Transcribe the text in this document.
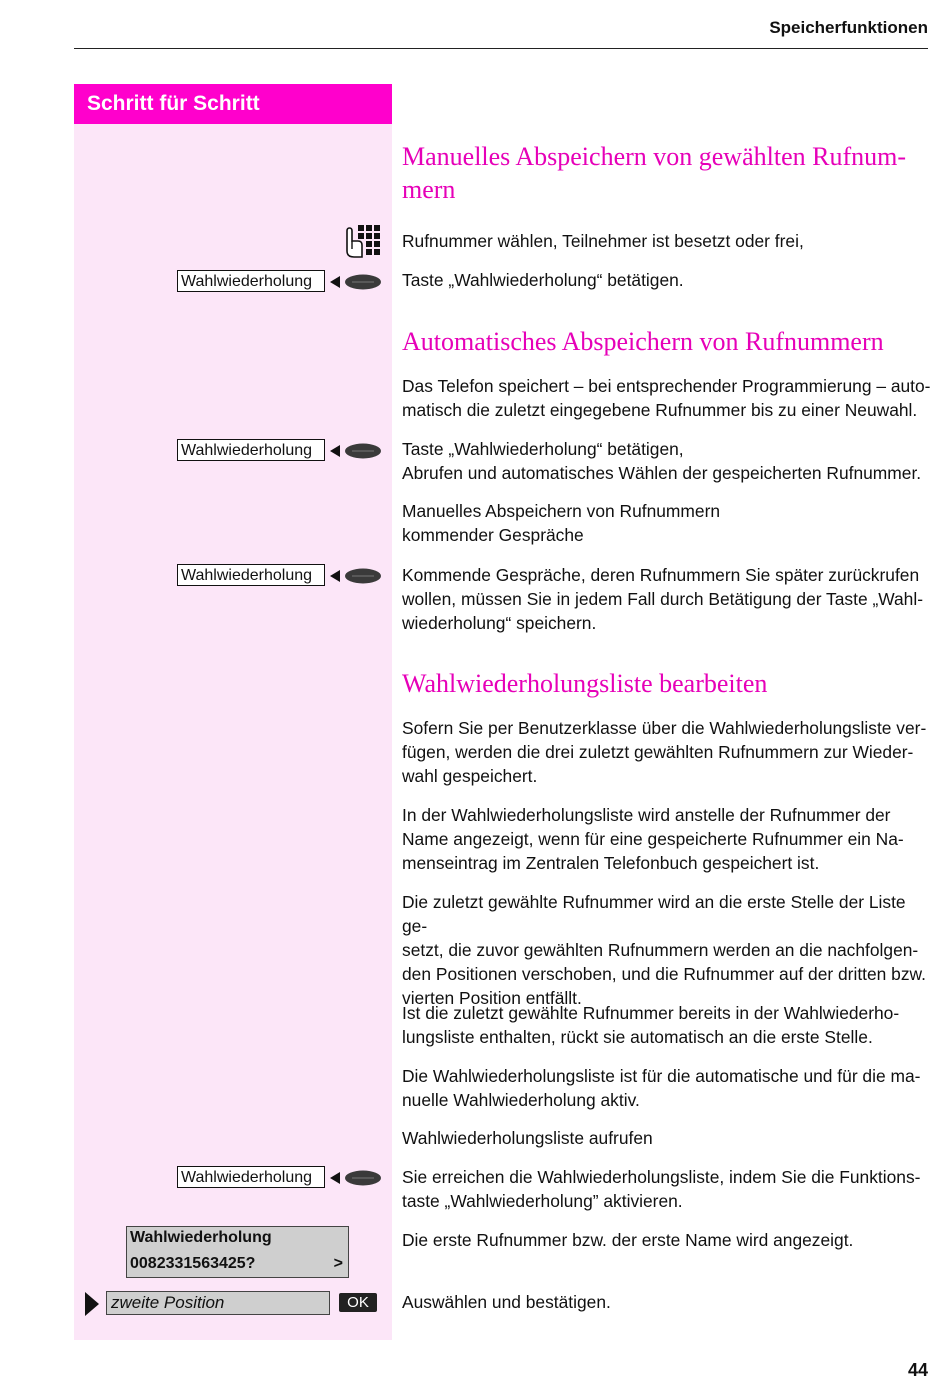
Speicherfunktionen
Schritt für Schritt
Wahlwiederholung
Wahlwiederholung
Wahlwiederholung
Wahlwiederholung
Wahlwiederholung
0082331563425?	>
zweite Position	OK
Manuelles Abspeichern von gewählten Rufnum-
mern
Rufnummer wählen, Teilnehmer ist besetzt oder frei,
Taste „Wahlwiederholung“ betätigen.
Automatisches Abspeichern von Rufnummern
Das Telefon speichert – bei entsprechender Programmierung – auto-
matisch die zuletzt eingegebene Rufnummer bis zu einer Neuwahl.
Taste „Wahlwiederholung“ betätigen,
Abrufen und automatisches Wählen der gespeicherten Rufnummer.
Manuelles Abspeichern von Rufnummern
kommender Gespräche
Kommende Gespräche, deren Rufnummern Sie später zurückrufen
wollen, müssen Sie in jedem Fall durch Betätigung der Taste „Wahl-
wiederholung“ speichern.
Wahlwiederholungsliste bearbeiten
Sofern Sie per Benutzerklasse über die Wahlwiederholungsliste ver-
fügen, werden die drei zuletzt gewählten Rufnummern zur Wieder-
wahl gespeichert.
In der Wahlwiederholungsliste wird anstelle der Rufnummer der
Name angezeigt, wenn für eine gespeicherte Rufnummer ein Na-
menseintrag im Zentralen Telefonbuch gespeichert ist.
Die zuletzt gewählte Rufnummer wird an die erste Stelle der Liste ge-
setzt, die zuvor gewählten Rufnummern werden an die nachfolgen-
den Positionen verschoben, und die Rufnummer auf der dritten bzw.
vierten Position entfällt.
Ist die zuletzt gewählte Rufnummer bereits in der Wahlwiederho-
lungsliste enthalten, rückt sie automatisch an die erste Stelle.
Die Wahlwiederholungsliste ist für die automatische und für die ma-
nuelle Wahlwiederholung aktiv.
Wahlwiederholungsliste aufrufen
Sie erreichen die Wahlwiederholungsliste, indem Sie die Funktions-
taste „Wahlwiederholung” aktivieren.
Die erste Rufnummer bzw. der erste Name wird angezeigt.
Auswählen und bestätigen.
44
